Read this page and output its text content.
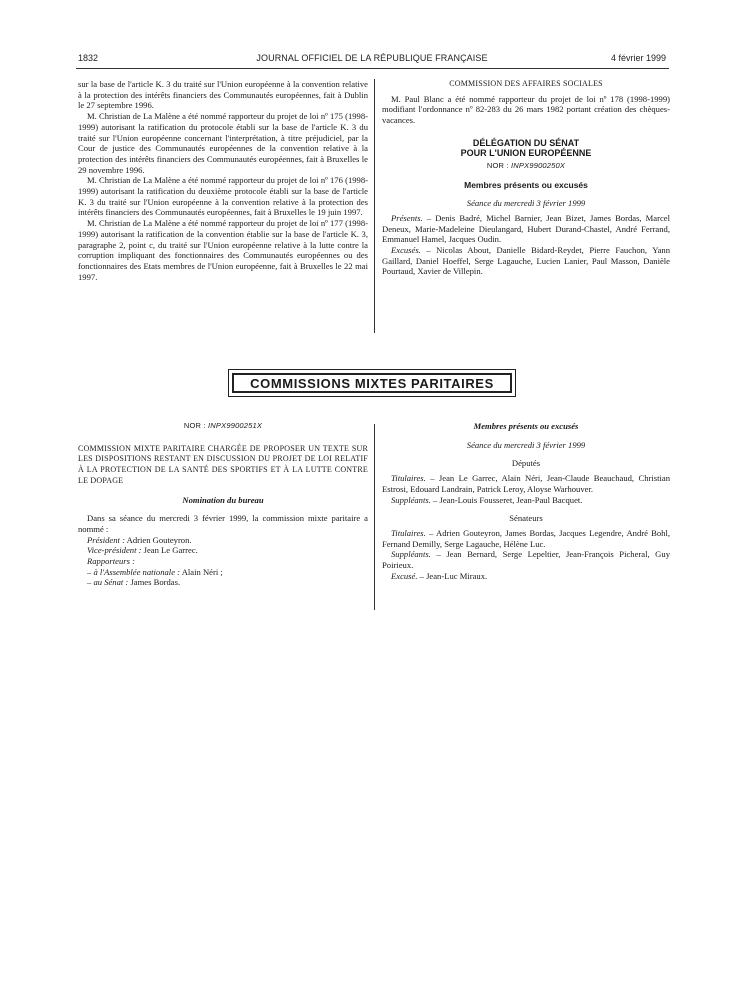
1832	JOURNAL OFFICIEL DE LA RÉPUBLIQUE FRANÇAISE	4 février 1999

sur la base de l'article K. 3 du traité sur l'Union européenne à la convention relative à la protection des intérêts financiers des Communautés européennes, fait à Dublin le 27 septembre 1996.

M. Christian de La Malène a été nommé rapporteur du projet de loi nº 175 (1998-1999) autorisant la ratification du protocole établi sur la base de l'article K. 3 du traité sur l'Union européenne concernant l'interprétation, à titre préjudiciel, par la Cour de justice des Communautés européennes de la convention relative à la protection des intérêts financiers des Communautés européennes, fait à Bruxelles le 29 novembre 1996.

M. Christian de La Malène a été nommé rapporteur du projet de loi nº 176 (1998-1999) autorisant la ratification du deuxième protocole établi sur la base de l'article K. 3 du traité sur l'Union européenne à la convention relative à la protection des intérêts financiers des Communautés européennes, fait à Bruxelles le 19 juin 1997.

M. Christian de La Malène a été nommé rapporteur du projet de loi nº 177 (1998-1999) autorisant la ratification de la convention établie sur la base de l'article K. 3, paragraphe 2, point c, du traité sur l'Union européenne relative à la lutte contre la corruption impliquant des fonctionnaires des Communautés européennes ou des fonctionnaires des Etats membres de l'Union européenne, fait à Bruxelles le 22 mai 1997.

COMMISSION DES AFFAIRES SOCIALES

M. Paul Blanc a été nommé rapporteur du projet de loi nº 178 (1998-1999) modifiant l'ordonnance nº 82-283 du 26 mars 1982 portant création des chèques-vacances.

DÉLÉGATION DU SÉNAT
POUR L'UNION EUROPÉENNE
NOR : INPX9900250X
Membres présents ou excusés

Séance du mercredi 3 février 1999

Présents. – Denis Badré, Michel Barnier, Jean Bizet, James Bordas, Marcel Deneux, Marie-Madeleine Dieulangard, Hubert Durand-Chastel, André Ferrand, Emmanuel Hamel, Jacques Oudin.

Excusés. – Nicolas About, Danielle Bidard-Reydet, Pierre Fauchon, Yann Gaillard, Daniel Hoeffel, Serge Lagauche, Lucien Lanier, Paul Masson, Danièle Pourtaud, Xavier de Villepin.

COMMISSIONS MIXTES PARITAIRES
NOR : INPX9900251X

COMMISSION MIXTE PARITAIRE CHARGÉE DE PROPOSER UN TEXTE SUR LES DISPOSITIONS RESTANT EN DISCUSSION DU PROJET DE LOI RELATIF À LA PROTECTION DE LA SANTÉ DES SPORTIFS ET À LA LUTTE CONTRE LE DOPAGE

Nomination du bureau

Dans sa séance du mercredi 3 février 1999, la commission mixte paritaire a nommé :

Président : Adrien Gouteyron.

Vice-président : Jean Le Garrec.

Rapporteurs :

– à l'Assemblée nationale : Alain Néri ;

– au Sénat : James Bordas.

Membres présents ou excusés

Séance du mercredi 3 février 1999

Députés

Titulaires. – Jean Le Garrec, Alain Néri, Jean-Claude Beauchaud, Christian Estrosi, Edouard Landrain, Patrick Leroy, Aloyse Warhouver.

Suppléants. – Jean-Louis Fousseret, Jean-Paul Bacquet.

Sénateurs

Titulaires. – Adrien Gouteyron, James Bordas, Jacques Legendre, André Bohl, Fernand Demilly, Serge Lagauche, Hélène Luc.

Suppléants. – Jean Bernard, Serge Lepeltier, Jean-François Picheral, Guy Poirieux.

Excusé. – Jean-Luc Miraux.
